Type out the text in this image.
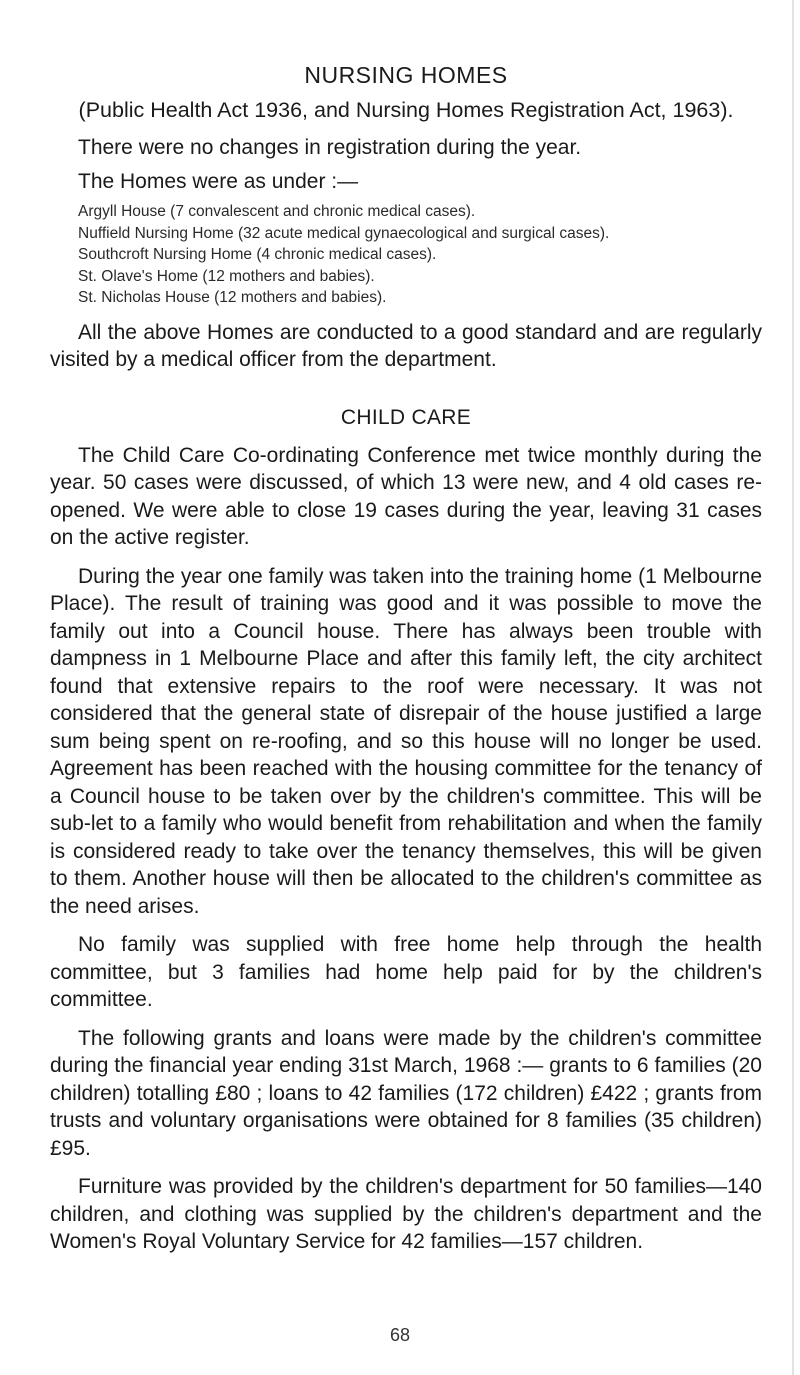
NURSING HOMES

(Public Health Act 1936, and Nursing Homes Registration Act, 1963).

There were no changes in registration during the year.

The Homes were as under :—

Argyll House (7 convalescent and chronic medical cases).
Nuffield Nursing Home (32 acute medical gynaecological and surgical cases).
Southcroft Nursing Home (4 chronic medical cases).
St. Olave's Home (12 mothers and babies).
St. Nicholas House (12 mothers and babies).

All the above Homes are conducted to a good standard and are regularly visited by a medical officer from the department.

CHILD CARE

The Child Care Co-ordinating Conference met twice monthly during the year. 50 cases were discussed, of which 13 were new, and 4 old cases re-opened. We were able to close 19 cases during the year, leaving 31 cases on the active register.

During the year one family was taken into the training home (1 Melbourne Place). The result of training was good and it was possible to move the family out into a Council house. There has always been trouble with dampness in 1 Melbourne Place and after this family left, the city architect found that extensive repairs to the roof were necessary. It was not considered that the general state of disrepair of the house justified a large sum being spent on re-roofing, and so this house will no longer be used. Agreement has been reached with the housing committee for the tenancy of a Council house to be taken over by the children's committee. This will be sub-let to a family who would benefit from rehabilitation and when the family is considered ready to take over the tenancy themselves, this will be given to them. Another house will then be allocated to the children's committee as the need arises.

No family was supplied with free home help through the health committee, but 3 families had home help paid for by the children's committee.

The following grants and loans were made by the children's committee during the financial year ending 31st March, 1968 :— grants to 6 families (20 children) totalling £80 ; loans to 42 families (172 children) £422 ; grants from trusts and voluntary organisations were obtained for 8 families (35 children) £95.

Furniture was provided by the children's department for 50 families—140 children, and clothing was supplied by the children's department and the Women's Royal Voluntary Service for 42 families—157 children.

68
